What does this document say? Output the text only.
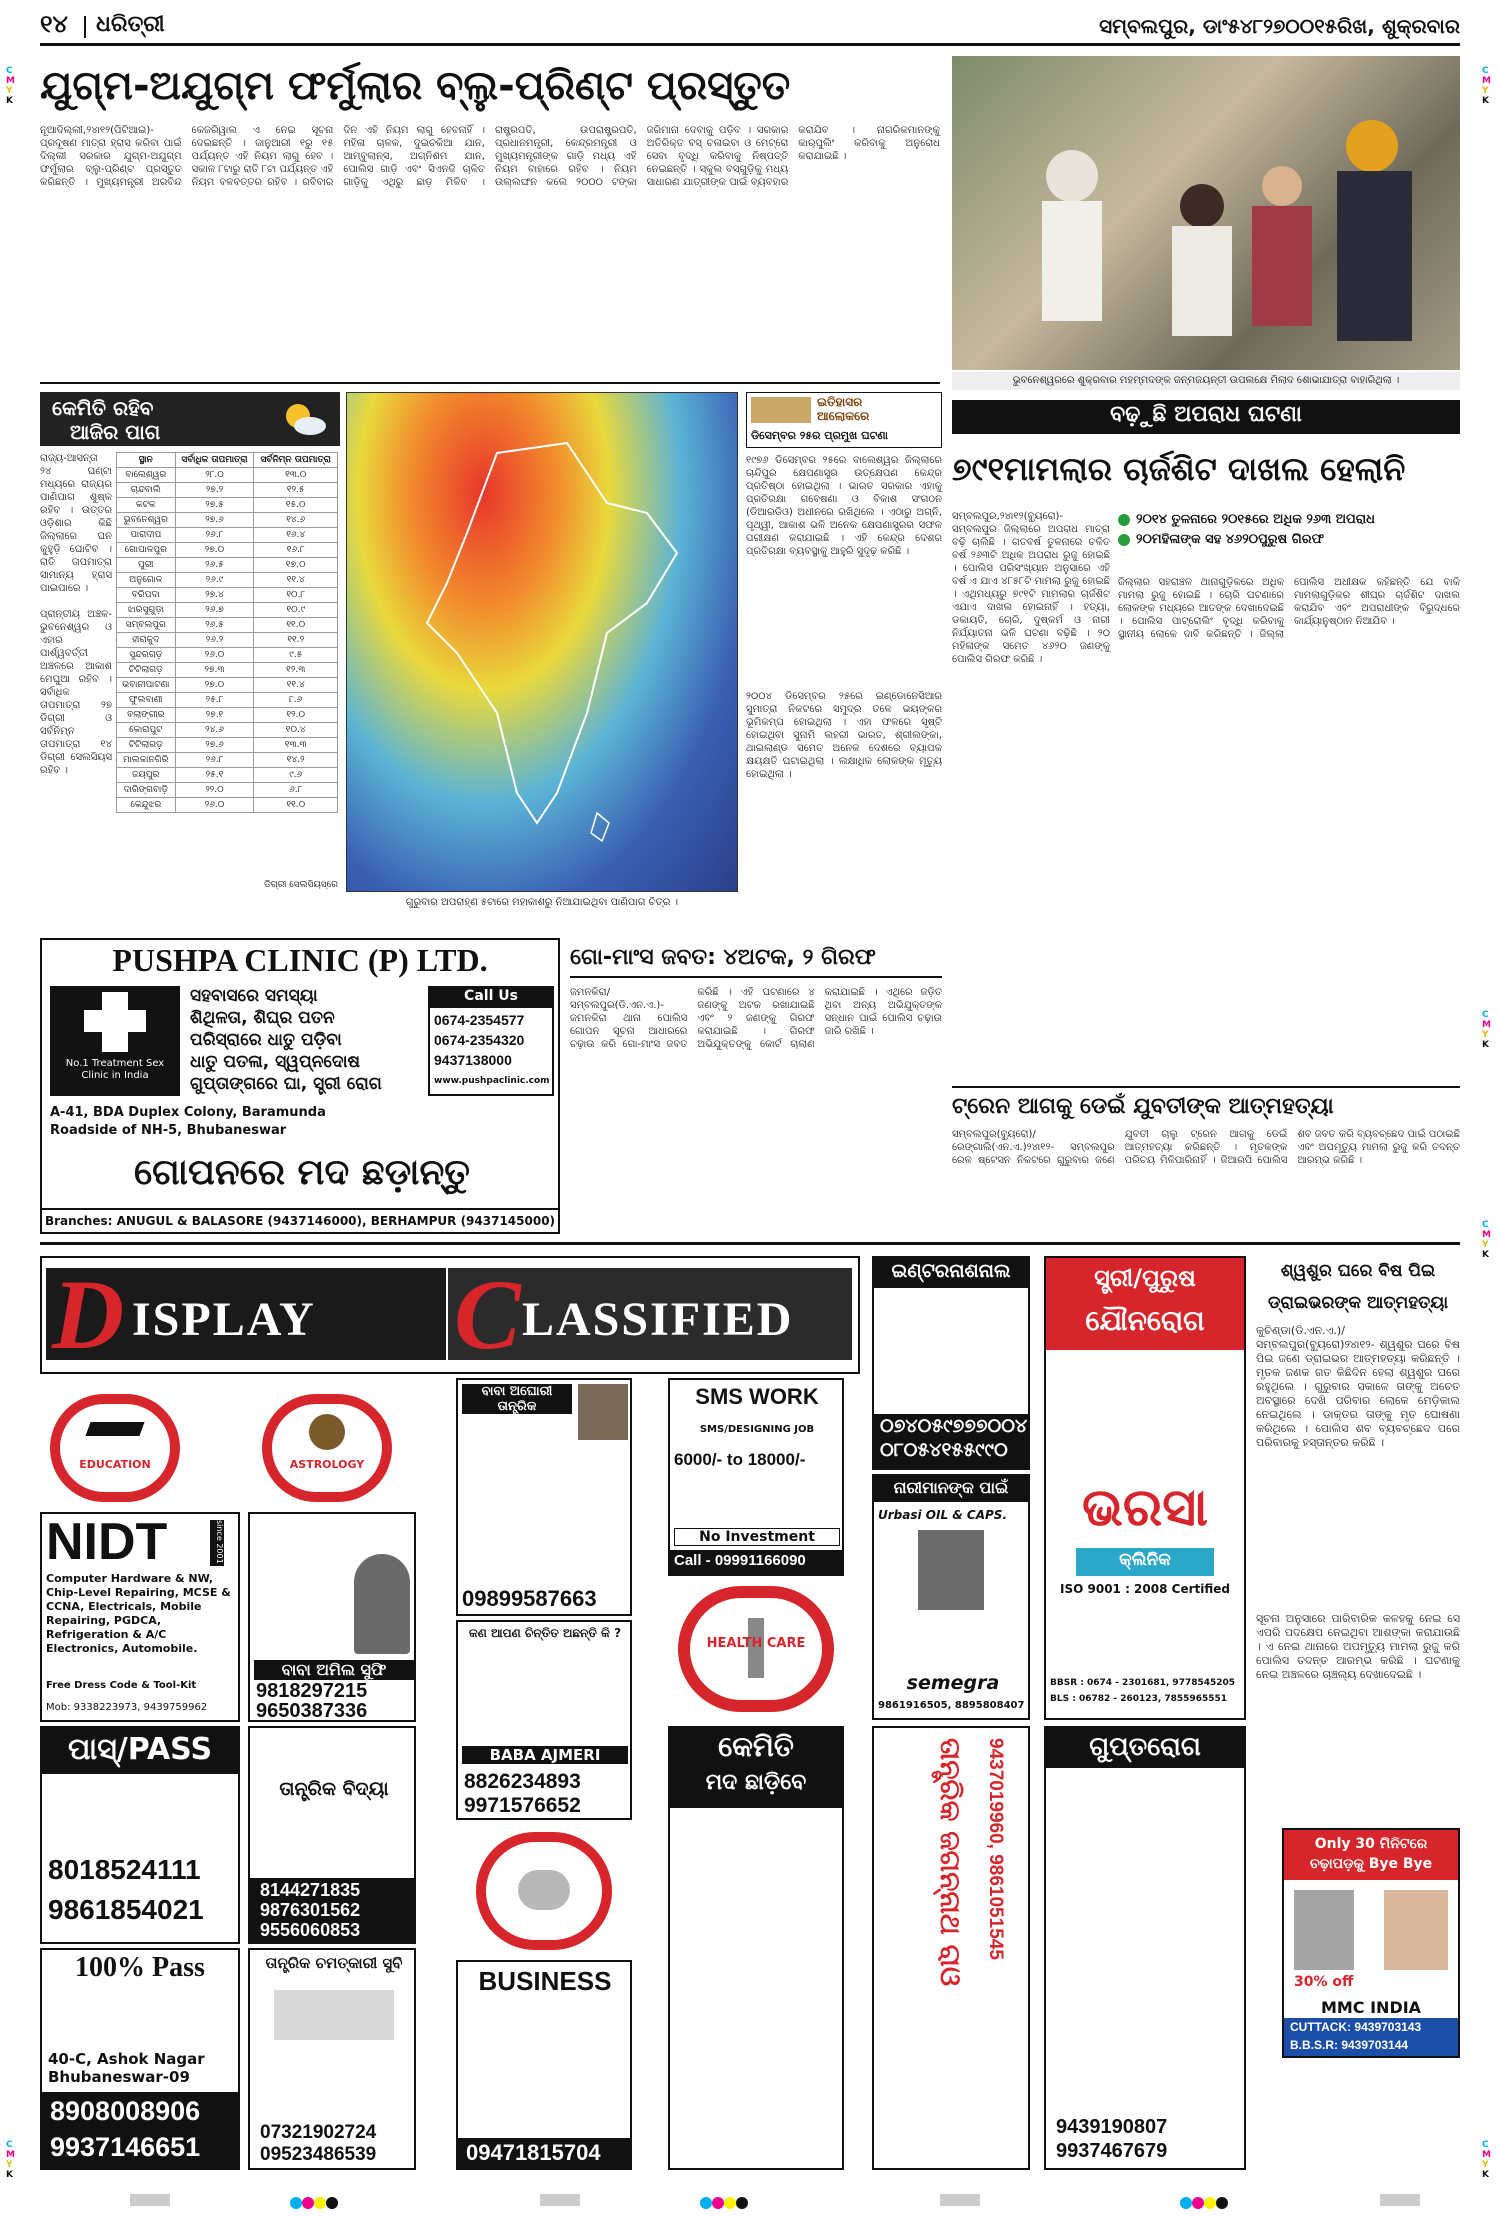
୧୪ ଧରିତ୍ରୀ	ସମ୍ବଲପୁର, ଡାଂ୫୪୮୨୭୦୦୧୫ରିଖ, ଶୁକ୍ରବାର
C
M
Y
K
C
M
Y
K
C
M
Y
K
C
M
Y
K
C
M
Y
K
C
M
Y
K
ଯୁଗ୍ମ-ଅଯୁଗ୍ମ ଫର୍ମୁଲାର ବ୍ଲୁ-ପ୍ରିଣ୍ଟ ପ୍ରସ୍ତୁତ
ନୂଆଦିଲ୍ଲୀ,୨୪ା୧୨(ପିଟିଆଇ)- ପ୍ରଦୂଷଣ ମାତ୍ରା ହ୍ରାସ କରିବା ପାଇଁ ଦିଲ୍ଲୀ ସରକାର ଯୁଗ୍ମ-ଅଯୁଗ୍ମ ଫର୍ମୁଲାର ବ୍ଲୁ-ପ୍ରିଣ୍ଟ ପ୍ରସ୍ତୁତ କରିଛନ୍ତି । ମୁଖ୍ୟମନ୍ତ୍ରୀ ଅରବିନ୍ଦ କେଜରିୱାଲ ଏ ନେଇ ସୂଚନା ଦେଇଛନ୍ତି । ଜାନୁଆରୀ ୧ରୁ ୧୫ ପର୍ଯ୍ୟନ୍ତ ଏହି ନିୟମ ଲାଗୁ ହେବ । ସକାଳ ୮ଟାରୁ ରାତି ୮ଟା ପର୍ଯ୍ୟନ୍ତ ଏହି ନିୟମ ବଳବତ୍ତର ରହିବ । ରବିବାର ଦିନ ଏହି ନିୟମ ଲାଗୁ ହେବନାହିଁ । ମହିଳା ଚାଳକ, ଦୁଇଚକିଆ ଯାନ, ଆମ୍ବୁଲାନ୍ସ, ଅଗ୍ନିଶମ ଯାନ, ପୋଲିସ ଗାଡ଼ି ଏବଂ ସିଏନଜି ଚାଳିତ ଗାଡ଼ିକୁ ଏଥିରୁ ଛାଡ଼ ମିଳିବ । ରାଷ୍ଟ୍ରପତି, ଉପରାଷ୍ଟ୍ରପତି, ପ୍ରଧାନମନ୍ତ୍ରୀ, କେନ୍ଦ୍ରମନ୍ତ୍ରୀ ଓ ମୁଖ୍ୟମନ୍ତ୍ରୀଙ୍କ ଗାଡ଼ି ମଧ୍ୟ ଏହି ନିୟମ ବାହାରେ ରହିବ । ନିୟମ ଉଲ୍ଲଙ୍ଘନ କଲେ ୨୦୦୦ ଟଙ୍କା ଜରିମାନା ଦେବାକୁ ପଡ଼ିବ । ସରକାର ଅତିରିକ୍ତ ବସ୍ ଚଳାଇବା ଓ ମେଟ୍ରୋ ସେବା ବୃଦ୍ଧି କରିବାକୁ ନିଷ୍ପତ୍ତି ନେଇଛନ୍ତି । ସ୍କୁଲ ବସ୍‌ଗୁଡ଼ିକୁ ମଧ୍ୟ ସାଧାରଣ ଯାତ୍ରୀଙ୍କ ପାଇଁ ବ୍ୟବହାର କରାଯିବ । ନାଗରିକମାନଙ୍କୁ କାର୍‌ପୁଲିଂ କରିବାକୁ ଅନୁରୋଧ କରାଯାଇଛି ।
ଭୁବନେଶ୍ୱରରେ ଶୁକ୍ରବାର ମହମ୍ମଦଙ୍କ ଜନ୍ମଜୟନ୍ତୀ ଉପଲକ୍ଷେ ମିଲାଦ ଶୋଭାଯାତ୍ରା ବାହାରିଥିଲା ।
କେମିତି ରହିବ
ଆଜିର ପାଗ
ରାଜ୍ୟ-ଆସନ୍ତା ୨୪ ଘଣ୍ଟା ମଧ୍ୟରେ ରାଜ୍ୟର ପାଣିପାଗ ଶୁଷ୍କ ରହିବ । ଉତ୍ତର ଓଡ଼ିଶାର କିଛି ଜିଲ୍ଲାରେ ଘନ କୁହୁଡ଼ି ଘୋଟିବ । ରାତି ତାପମାତ୍ରା ସାମାନ୍ୟ ହ୍ରାସ ପାଇପାରେ ।

ପ୍ରାନ୍ତୀୟ ଅଞ୍ଚଳ- ଭୁବନେଶ୍ୱର ଓ ଏହାର ପାର୍ଶ୍ୱବର୍ତ୍ତୀ ଅଞ୍ଚଳରେ ଆକାଶ ମେଘୁଆ ରହିବ । ସର୍ବାଧିକ ତାପମାତ୍ରା ୨୭ ଡିଗ୍ରୀ ଓ ସର୍ବନିମ୍ନ ତାପମାତ୍ରା ୧୪ ଡିଗ୍ରୀ ସେଲସିୟସ ରହିବ ।
ସ୍ଥାନ	ସର୍ବାଧିକ ତାପମାତ୍ରା	ସର୍ବନିମ୍ନ ତାପମାତ୍ରା
ବାଲେଶ୍ୱର	୨୮.୦	୧୩.୦
ଚାନ୍ଦବାଲି	୨୭.୨	୧୨.୫
କଟକ	୨୭.୫	୧୫.୦
ଭୁବନେଶ୍ୱର	୨୭.୬	୧୪.୬
ପାରାଦୀପ	୨୬.୮	୧୬.୪
ଗୋପାଳପୁର	୨୭.୦	୧୬.୮
ପୁରୀ	୨୬.୫	୧୭.୦
ଅନୁଗୋଳ	୨୬.୯	୧୧.୪
ବରିପଦା	୨୭.୪	୧୦.୮
ଝାରସୁଗୁଡ଼ା	୨୬.୭	୧୦.୯
ସମ୍ବଲପୁର	୨୬.୫	୧୧.୦
ହୀରାକୁଦ	୨୬.୨	୧୧.୨
ସୁନ୍ଦରଗଡ଼	୨୬.୦	୯.୫
ଟିଟିଲାଗଡ଼	୨୭.୩	୧୨.୩
ଭବାନୀପାଟଣା	୨୭.୦	୧୧.୪
ଫୁଲବାଣୀ	୨୫.୮	୮.୬
ବଲାଙ୍ଗୀର	୨୭.୧	୧୨.୦
କୋରାପୁଟ	୨୪.୬	୧୦.୪
ଟିଟିଲାଗଡ଼	୨୭.୬	୧୩.୩
ମାଲକାନଗିରି	୨୬.୮	୧୪.୨
ଜୟପୁର	୨୫.୧	୯.୬
ଦାରିଙ୍ଗବାଡ଼ି	୨୨.୦	୬.୮
କେନ୍ଦୁଝର	୨୬.୦	୧୧.୦
ଡିଗ୍ରୀ ସେଲସିୟସ୍‌ରେ
ଗୁରୁବାର ଅପରାହ୍ଣ ୫ଟାରେ ମହାକାଶରୁ ନିଆଯାଇଥିବା ପାଣିପାଗ ଚିତ୍ର ।
ଇତିହାସର
ଆଲୋକରେ
ଡିସେମ୍ବର ୨୫ର ପ୍ରମୁଖ ଘଟଣା
୧୯୭୬ ଡିସେମ୍ବର ୨୫ରେ ବାଲେଶ୍ୱର ଜିଲ୍ଲାରେ ଚାନ୍ଦିପୁର କ୍ଷେପଣାସ୍ତ୍ର ଉତ୍କ୍ଷେପଣ କେନ୍ଦ୍ର ପ୍ରତିଷ୍ଠା ହୋଇଥିଲା । ଭାରତ ସରକାର ଏହାକୁ ପ୍ରତିରକ୍ଷା ଗବେଷଣା ଓ ବିକାଶ ସଂଗଠନ (ଡିଆରଡିଓ) ଅଧୀନରେ ରଖିଥିଲେ । ଏଠାରୁ ଅଗ୍ନି, ପୃଥ୍ୱୀ, ଆକାଶ ଭଳି ଅନେକ କ୍ଷେପଣାସ୍ତ୍ରର ସଫଳ ପରୀକ୍ଷଣ କରାଯାଇଛି । ଏହି କେନ୍ଦ୍ର ଦେଶର ପ୍ରତିରକ୍ଷା ବ୍ୟବସ୍ଥାକୁ ଆହୁରି ସୁଦୃଢ଼ କରିଛି ।
୨୦୦୪ ଡିସେମ୍ବର ୨୫ରେ ଇଣ୍ଡୋନେସିଆର ସୁମାତ୍ରା ନିକଟରେ ସମୁଦ୍ର ତଳେ ଭୟଙ୍କର ଭୂମିକମ୍ପ ହୋଇଥିଲା । ଏହା ଫଳରେ ସୃଷ୍ଟି ହୋଇଥିବା ସୁନାମି ଲହରୀ ଭାରତ, ଶ୍ରୀଲଙ୍କା, ଥାଇଲାଣ୍ଡ ସମେତ ଅନେକ ଦେଶରେ ବ୍ୟାପକ କ୍ଷୟକ୍ଷତି ଘଟାଇଥିଲା । ଲକ୍ଷାଧିକ ଲୋକଙ୍କ ମୃତ୍ୟୁ ହୋଇଥିଲା ।
ବଢ଼ୁଛି ଅପରାଧ ଘଟଣା
୭୯୧ମାମଲାର ଚାର୍ଜଶିଟ ଦାଖଲ ହେଲାନି
ସମ୍ବଲପୁର,୨୪ା୧୨(ବ୍ୟୁରୋ)- ସମ୍ବଲପୁର ଜିଲ୍ଲାରେ ଅପରାଧ ମାତ୍ରା ବଢ଼ି ଚାଲିଛି । ଗତବର୍ଷ ତୁଳନାରେ ଚଳିତ ବର୍ଷ ୨୬୩ଟି ଅଧିକ ଅପରାଧ ରୁଜୁ ହୋଇଛି । ପୋଲିସ ପରିସଂଖ୍ୟାନ ଅନୁସାରେ ଏହି ବର୍ଷ ଏ ଯାଏ ୪୮୫୮ଟି ମାମଲା ରୁଜୁ ହୋଇଛି । ଏଥିମଧ୍ୟରୁ ୭୯୧ଟି ମାମଲାର ଚାର୍ଜଶିଟ ଏଯାଏ ଦାଖଲ ହୋଇନାହିଁ । ହତ୍ୟା, ଡକାୟତି, ଚୋରି, ଦୁଷ୍କର୍ମ ଓ ନାରୀ ନିର୍ଯ୍ୟାତନା ଭଳି ଘଟଣା ବଢ଼ିଛି । ୨୦ ମହିଳାଙ୍କ ସମେତ ୪୬୨୦ ଜଣଙ୍କୁ ପୋଲିସ ଗିରଫ କରିଛି ।
୨୦୧୪ ତୁଳନାରେ ୨୦୧୫ରେ ଅଧିକ ୨୬୩ ଅପରାଧ
୨୦ମହିଳାଙ୍କ ସହ ୪୬୨୦ପୁରୁଷ ଗିରଫ
ଜିଲ୍ଲାର ସହରାଞ୍ଚଳ ଥାନାଗୁଡ଼ିକରେ ଅଧିକ ମାମଲା ରୁଜୁ ହୋଇଛି । ଚୋରି ଘଟଣାରେ ଲୋକଙ୍କ ମଧ୍ୟରେ ଆତଙ୍କ ଦେଖାଦେଇଛି । ପୋଲିସ ପାଟ୍ରୋଲିଂ ବୃଦ୍ଧି କରିବାକୁ ସ୍ଥାନୀୟ ଲୋକେ ଦାବି କରିଛନ୍ତି । ଜିଲ୍ଲା ପୋଲିସ ଅଧୀକ୍ଷକ କହିଛନ୍ତି ଯେ ବାକି ମାମଲାଗୁଡ଼ିକର ଶୀଘ୍ର ଚାର୍ଜଶିଟ ଦାଖଲ କରାଯିବ ଏବଂ ଅପରାଧୀଙ୍କ ବିରୁଦ୍ଧରେ କାର୍ଯ୍ୟାନୁଷ୍ଠାନ ନିଆଯିବ ।
ଟ୍ରେନ ଆଗକୁ ଡେଇଁ ଯୁବତୀଙ୍କ ଆତ୍ମହତ୍ୟା
ସମ୍ବଲପୁର(ବ୍ୟୁରୋ)/ରେଙ୍ଗାଲି(ଏନ.ଏ.)୨୪ା୧୨- ସମ୍ବଲପୁର ରେଳ ଷ୍ଟେସନ ନିକଟରେ ଗୁରୁବାର ଜଣେ ଯୁବତୀ ଚାଲୁ ଟ୍ରେନ ଆଗକୁ ଡେଇଁ ଆତ୍ମହତ୍ୟା କରିଛନ୍ତି । ମୃତକଙ୍କ ପରିଚୟ ମିଳିପାରିନାହିଁ । ଜିଆରପି ପୋଲିସ ଶବ ଜବତ କରି ବ୍ୟବଚ୍ଛେଦ ପାଇଁ ପଠାଇଛି ଏବଂ ଅପମୃତ୍ୟୁ ମାମଲା ରୁଜୁ କରି ତଦନ୍ତ ଆରମ୍ଭ କରିଛି ।
PUSHPA CLINIC (P) LTD.
No.1 Treatment Sex Clinic in India
ସହବାସରେ ସମସ୍ୟା
ଶିଥିଳତା, ଶିଘ୍ର ପତନ
ପରିସ୍ରାରେ ଧାତୁ ପଡ଼ିବା
ଧାତୁ ପତଳା, ସ୍ୱପ୍ନଦୋଷ
ଗୁପ୍ତାଙ୍ଗରେ ଘା, ସ୍ତ୍ରୀ ରୋଗ
Call Us
0674-2354577
0674-2354320
9437138000
www.pushpaclinic.com
A-41, BDA Duplex Colony, Baramunda Roadside of NH-5, Bhubaneswar
ଗୋପନରେ ମଦ ଛଡ଼ାନ୍ତୁ
Branches: ANUGUL & BALASORE (9437146000), BERHAMPUR (9437145000)
ଗୋ-ମାଂସ ଜବତ: ୪ଅଟକ, ୨ ଗିରଫ
ଜମନକିରା/ସମ୍ବଲପୁର(ଡି.ଏନ.ଏ.)- ଜମନକିରା ଥାନା ପୋଲିସ ଗୋପନ ସୂଚନା ଆଧାରରେ ଚଢ଼ାଉ କରି ଗୋ-ମାଂସ ଜବତ କରିଛି । ଏହି ଘଟଣାରେ ୪ ଜଣଙ୍କୁ ଅଟକ ରଖାଯାଇଛି ଏବଂ ୨ ଜଣଙ୍କୁ ଗିରଫ କରାଯାଇଛି । ଗିରଫ ଅଭିଯୁକ୍ତଙ୍କୁ କୋର୍ଟ ଚାଲାଣ କରାଯାଇଛି । ଏଥିରେ ଜଡ଼ିତ ଥିବା ଅନ୍ୟ ଅଭିଯୁକ୍ତଙ୍କ ସନ୍ଧାନ ପାଇଁ ପୋଲିସ ଚଢ଼ାଉ ଜାରି ରଖିଛି ।
D ISPLAY C LASSIFIED
EDUCATION	ASTROLOGY
NIDT	since 2001
Computer Hardware & NW, Chip-Level Repairing, MCSE & CCNA, Electricals, Mobile Repairing, PGDCA, Refrigeration & A/C Electronics, Automobile.
Free Dress Code & Tool-Kit
Mob: 9338223973, 9439759962
ପାସ୍/PASS
8018524111
9861854021
100% Pass
40-C, Ashok Nagar Bhubaneswar-09
8908008906
9937146651
ବାବା ଅମିଲ ସୁଫି
9818297215
9650387336
ତାନ୍ତ୍ରିକ ବିଦ୍ୟା
8144271835
9876301562
9556060853
ତାନ୍ତ୍ରିକ ଚମତ୍କାରୀ ସୁବି
07321902724
09523486539
ବାବା ଅଘୋରୀ ତାନ୍ତ୍ରିକ
09899587663
କଣ ଆପଣ ଚିନ୍ତିତ ଅଛନ୍ତି କି ?
BABA AJMERI
8826234893
9971576652
BUSINESS
BUSINESS
09471815704
SMS WORK
SMS/DESIGNING JOB
6000/- to 18000/-
No Investment
Call - 09991166090
HEALTH CARE
କେମିତି
ମଦ ଛାଡ଼ିବେ
ଇଣ୍ଟରନାଶନାଲ
୦୭୪୦୫୯୭୭୭୦୦୪
୦୮୦୫୪୧୫୫୯୯୦
ନାରୀମାନଙ୍କ ପାଇଁ
Urbasi OIL & CAPS.
semegra
9861916505, 8895808407
ତାନ୍ତ୍ରିକ ଜଗନ୍ନାଥ ରାଓ 9437019960, 9861051545
ସ୍ତ୍ରୀ/ପୁରୁଷ
ଯୌନରୋଗ
ଭରସା
କ୍ଲିନିକ
ISO 9001 : 2008 Certified
BBSR : 0674 - 2301681, 9778545205
BLS : 06782 - 260123, 7855965551
ଗୁପ୍ତରୋଗ
9439190807
9937467679
ଶ୍ୱଶୁର ଘରେ ବିଷ ପିଇ
ଡ୍ରାଇଭରଙ୍କ ଆତ୍ମହତ୍ୟା
କୁଚିଣ୍ଡା(ଡି.ଏନ.ଏ.)/ସମ୍ବଲପୁର(ବ୍ୟୁରୋ)୨୪ା୧୨- ଶ୍ୱଶୁର ଘରେ ବିଷ ପିଇ ଜଣେ ଡ୍ରାଇଭର ଆତ୍ମହତ୍ୟା କରିଛନ୍ତି । ମୃତକ ଜଣକ ଗତ କିଛିଦିନ ହେଲା ଶ୍ୱଶୁର ଘରେ ରହୁଥିଲେ । ଗୁରୁବାର ସକାଳେ ତାଙ୍କୁ ଅଚେତ ଅବସ୍ଥାରେ ଦେଖି ପରିବାର ଲୋକେ ମେଡ଼ିକାଲ ନେଇଥିଲେ । ଡାକ୍ତର ତାଙ୍କୁ ମୃତ ଘୋଷଣା କରିଥିଲେ । ପୋଲିସ ଶବ ବ୍ୟବଚ୍ଛେଦ ପରେ ପରିବାରକୁ ହସ୍ତାନ୍ତର କରିଛି ।
ସୂଚନା ଅନୁସାରେ ପାରିବାରିକ କଳହକୁ ନେଇ ସେ ଏପରି ପଦକ୍ଷେପ ନେଇଥିବା ଆଶଙ୍କା କରାଯାଉଛି । ଏ ନେଇ ଥାନାରେ ଅପମୃତ୍ୟୁ ମାମଲା ରୁଜୁ କରି ପୋଲିସ ତଦନ୍ତ ଆରମ୍ଭ କରିଛି । ଘଟଣାକୁ ନେଇ ଅଞ୍ଚଳରେ ଚାଞ୍ଚଲ୍ୟ ଦେଖାଦେଇଛି ।
Only 30 ମିନିଟରେ ଚଢ଼ାପଡ଼କୁ Bye Bye
30% off
MMC INDIA
CUTTACK: 9439703143
B.B.S.R: 9439703144
